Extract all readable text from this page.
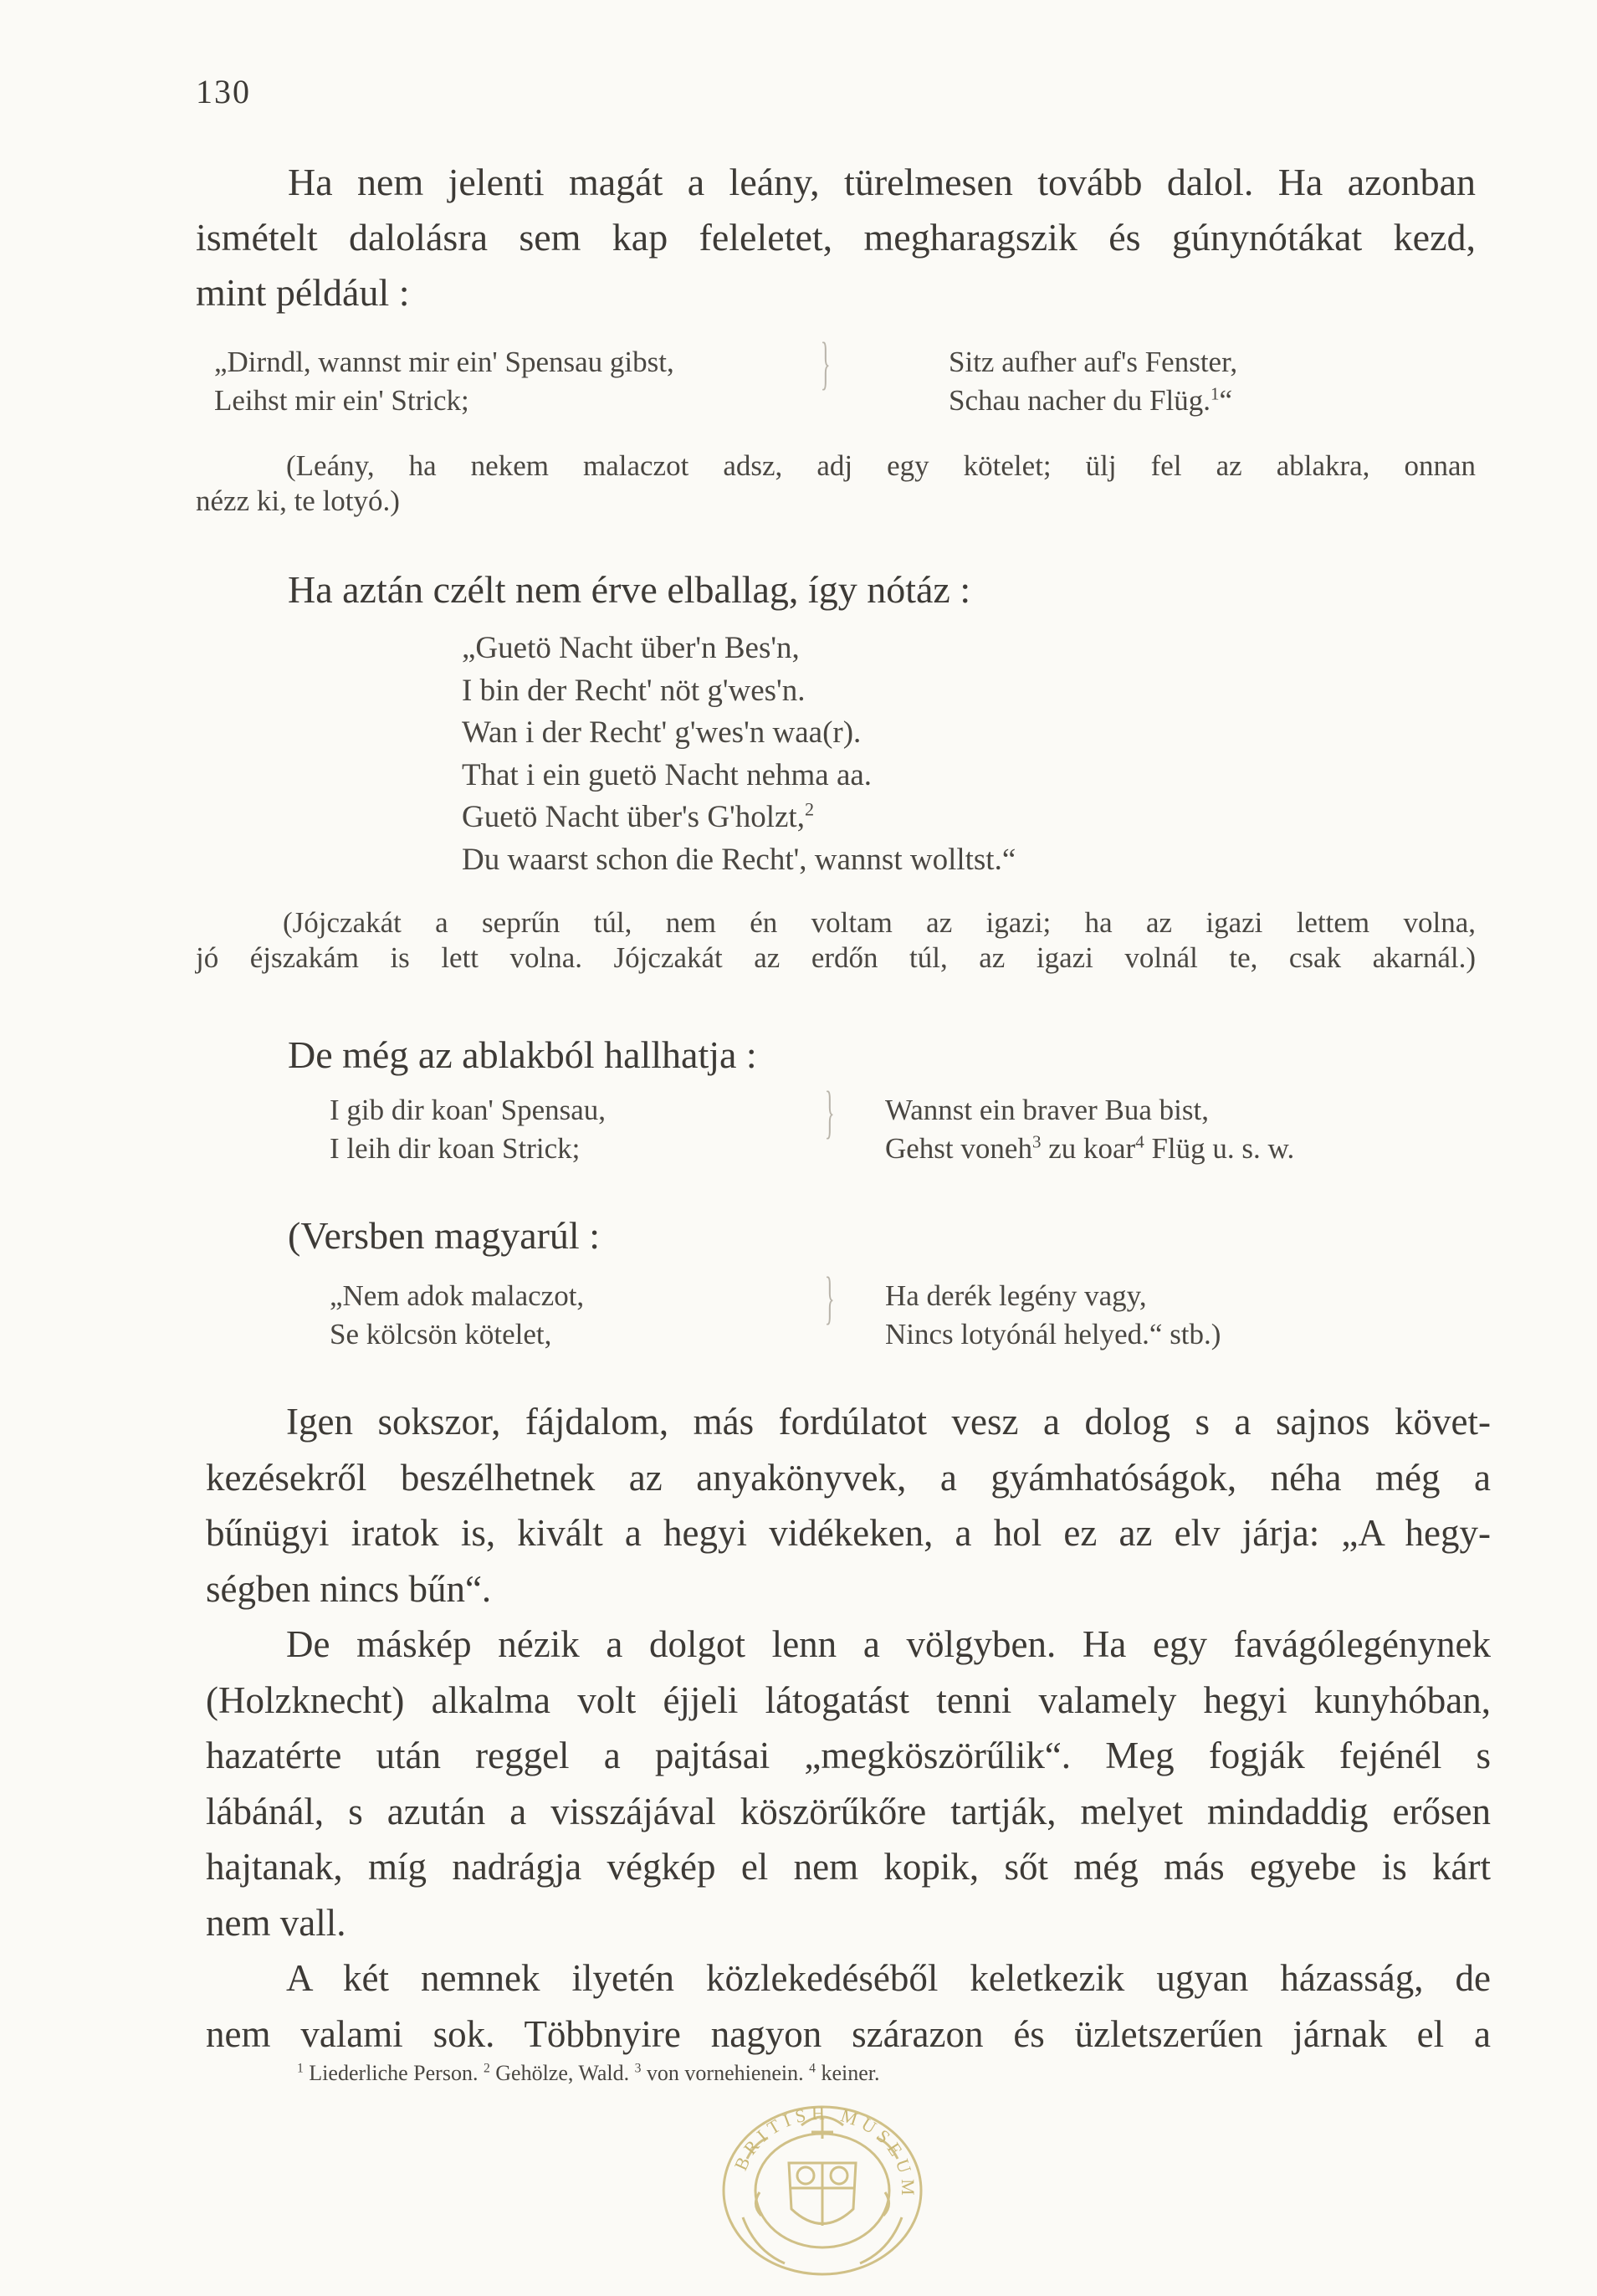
130
Ha nem jelenti magát a leány, türelmesen tovább dalol. Ha azonban
ismételt dalolásra sem kap feleletet, megharagszik és gúnynótákat kezd,
mint például :
„Dirndl, wannst mir ein' Spensau gibst,
Leihst mir ein' Strick;
}	Sitz aufher auf's Fenster,
Schau nacher du Flüg.$^1$“
(Leány, ha nekem malaczot adsz, adj egy kötelet; ülj fel az ablakra, onnan
nézz ki, te lotyó.)
Ha aztán czélt nem érve elballag, így nótáz :
„Guetö Nacht über'n Bes'n,
I bin der Recht' nöt g'wes'n.
Wan i der Recht' g'wes'n waa(r).
That i ein guetö Nacht nehma aa.
Guetö Nacht über's G'holzt,$^2$
Du waarst schon die Recht', wannst wolltst.“
(Jójczakát a seprűn túl, nem én voltam az igazi; ha az igazi lettem volna,
jó éjszakám is lett volna. Jójczakát az erdőn túl, az igazi volnál te, csak akarnál.)
De még az ablakból hallhatja :
I gib dir koan' Spensau,
I leih dir koan Strick;
} Wannst ein braver Bua bist,
Gehst voneh$^3$ zu koar$^4$ Flüg u. s. w.
(Versben magyarúl :
„Nem adok malaczot,
Se kölcsön kötelet,
} Ha derék legény vagy,
Nincs lotyónál helyed.“ stb.)
Igen sokszor, fájdalom, más fordúlatot vesz a dolog s a sajnos követ-
kezésekről beszélhetnek az anyakönyvek, a gyámhatóságok, néha még a
bűnügyi iratok is, kivált a hegyi vidékeken, a hol ez az elv járja: „A hegy-
ségben nincs bűn“.
De máskép nézik a dolgot lenn a völgyben. Ha egy favágólegénynek
(Holzknecht) alkalma volt éjjeli látogatást tenni valamely hegyi kunyhóban,
hazatérte után reggel a pajtásai „megköszörűlik“. Meg fogják fejénél s
lábánál, s azután a visszájával köszörűkőre tartják, melyet mindaddig erősen
hajtanak, míg nadrágja végkép el nem kopik, sőt még más egyebe is kárt
nem vall.
A két nemnek ilyetén közlekedéséből keletkezik ugyan házasság, de
nem valami sok. Többnyire nagyon szárazon és üzletszerűen járnak el a
$^1$ Liederliche Person. $^2$ Gehölze, Wald. $^3$ von vornehienein. $^4$ keiner.
BRITISH MUSEUM
